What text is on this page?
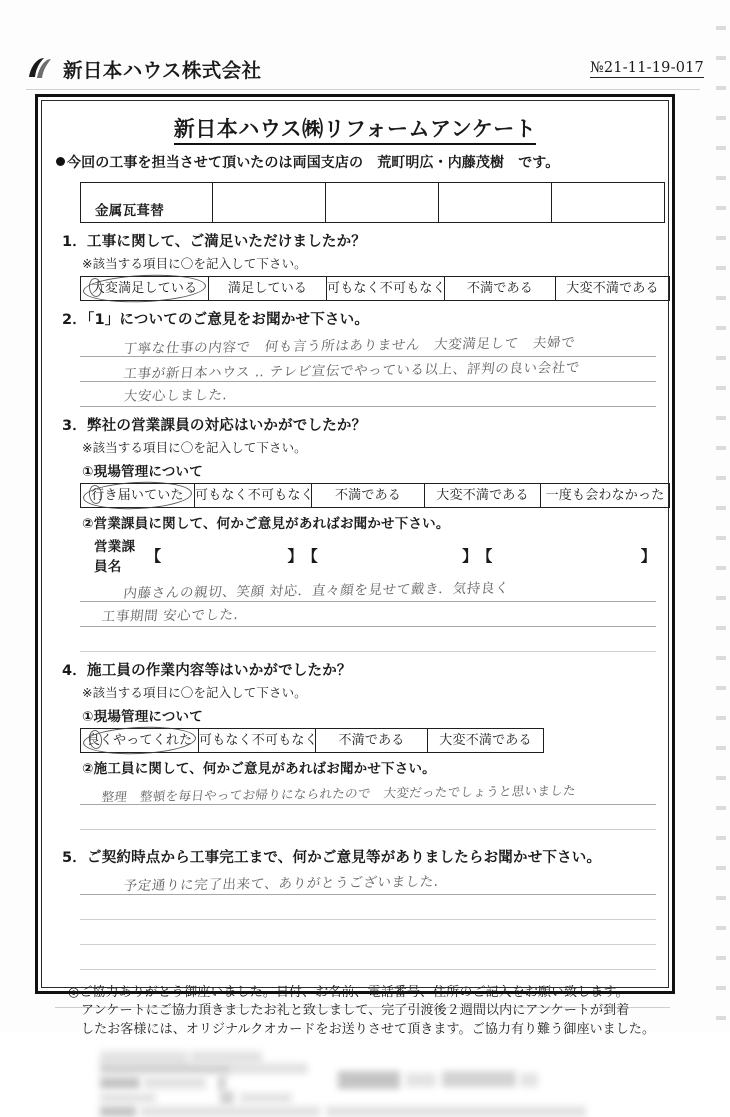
新日本ハウス株式会社	№21-11-19-017
新日本ハウス㈱リフォームアンケート
今回の工事を担当させて頂いたのは両国支店の　荒町明広・内藤茂樹　です。
金属瓦葺替				
1．工事に関して、ご満足いただけましたか？
※該当する項目に〇を記入して下さい。
大変満足している	満足している	可もなく不可もなく	不満である	大変不満である
2．「1」についてのご意見をお聞かせ下さい。
丁寧な仕事の内容で　何も言う所はありません　大変満足して　夫婦で
工事が新日本ハウス ‥ テレビ宣伝でやっている以上、評判の良い会社で
大安心しました.
3．弊社の営業課員の対応はいかがでしたか？
※該当する項目に〇を記入して下さい。
①現場管理について
行き届いていた 可もなく不可もなく	不満である	大変不満である	一度も会わなかった
②営業課員に関して、何かご意見があればお聞かせ下さい。
営業課員名
【	】 【	】 【	】
内藤さんの親切、笑顔 対応．直々顔を見せて戴き．気持良く
工事期間 安心でした.
4．施工員の作業内容等はいかがでしたか？
※該当する項目に〇を記入して下さい。
①現場管理について
良くやってくれた 可もなく不可もなく	不満である	大変不満である
②施工員に関して、何かご意見があればお聞かせ下さい。
整理　整頓を毎日やってお帰りになられたので　大変だったでしょうと思いました
5．ご契約時点から工事完工まで、何かご意見等がありましたらお聞かせ下さい。
予定通りに完了出来て、ありがとうございました.
◎ご協力ありがとう御座いました。日付、お名前、電話番号、住所のご記入をお願い致します。
アンケートにご協力頂きましたお礼と致しまして、完了引渡後２週間以内にアンケートが到着
したお客様には、オリジナルクオカードをお送りさせて頂きます。ご協力有り難う御座いました。
